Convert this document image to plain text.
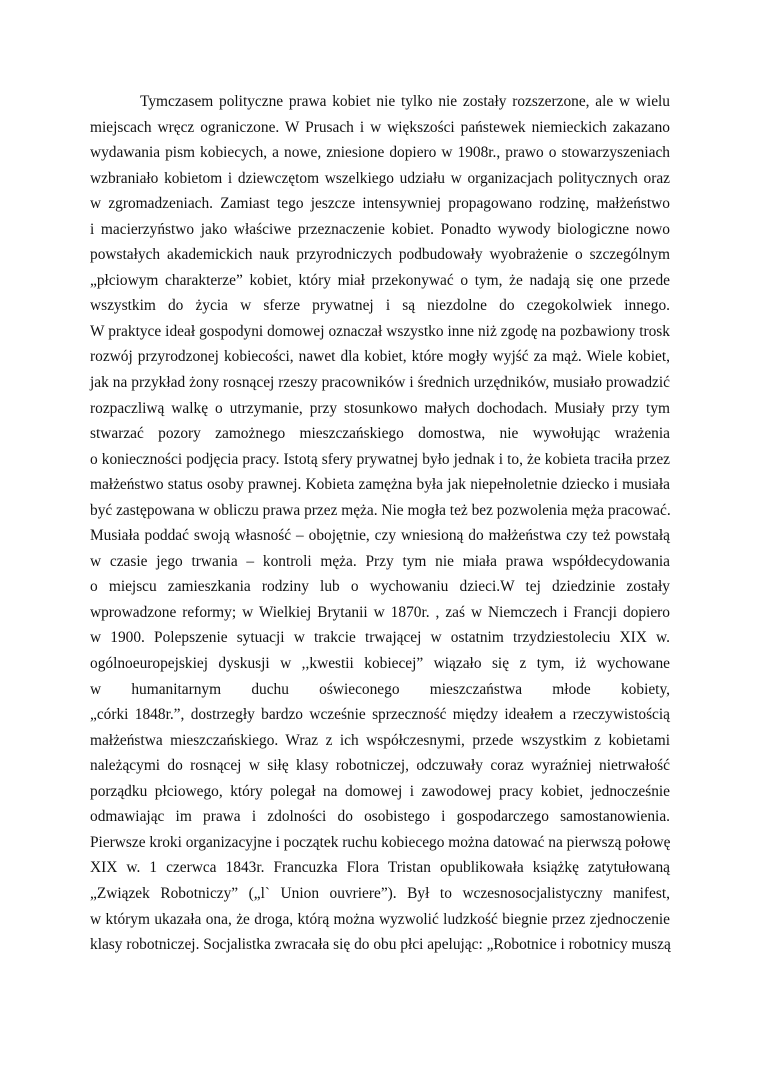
Tymczasem polityczne prawa kobiet nie tylko nie zostały rozszerzone, ale w wielu
miejscach wręcz ograniczone. W Prusach i w większości państewek niemieckich zakazano
wydawania pism kobiecych, a nowe, zniesione dopiero w 1908r., prawo o stowarzyszeniach
wzbraniało kobietom i dziewczętom wszelkiego udziału w organizacjach politycznych oraz
w zgromadzeniach. Zamiast tego jeszcze intensywniej propagowano rodzinę, małżeństwo
i macierzyństwo jako właściwe przeznaczenie kobiet. Ponadto wywody biologiczne nowo
powstałych akademickich nauk przyrodniczych podbudowały wyobrażenie o szczególnym
„płciowym charakterze” kobiet, który miał przekonywać o tym, że nadają się one przede
wszystkim do życia w sferze prywatnej i są niezdolne do czegokolwiek innego.
W praktyce ideał gospodyni domowej oznaczał wszystko inne niż zgodę na pozbawiony trosk
rozwój przyrodzonej kobiecości, nawet dla kobiet, które mogły wyjść za mąż. Wiele kobiet,
jak na przykład żony rosnącej rzeszy pracowników i średnich urzędników, musiało prowadzić
rozpaczliwą walkę o utrzymanie, przy stosunkowo małych dochodach. Musiały przy tym
stwarzać pozory zamożnego mieszczańskiego domostwa, nie wywołując wrażenia
o konieczności podjęcia pracy. Istotą sfery prywatnej było jednak i to, że kobieta traciła przez
małżeństwo status osoby prawnej. Kobieta zamężna była jak niepełnoletnie dziecko i musiała
być zastępowana w obliczu prawa przez męża. Nie mogła też bez pozwolenia męża pracować.
Musiała poddać swoją własność – obojętnie, czy wniesioną do małżeństwa czy też powstałą
w czasie jego trwania – kontroli męża. Przy tym nie miała prawa współdecydowania
o miejscu zamieszkania rodziny lub o wychowaniu dzieci.W tej dziedzinie zostały
wprowadzone reformy; w Wielkiej Brytanii w 1870r. , zaś w Niemczech i Francji dopiero
w 1900. Polepszenie sytuacji w trakcie trwającej w ostatnim trzydziestoleciu XIX w.
ogólnoeuropejskiej dyskusji w ,,kwestii kobiecej” wiązało się z tym, iż wychowane
w humanitarnym duchu oświeconego mieszczaństwa młode kobiety,
„córki 1848r.”, dostrzegły bardzo wcześnie sprzeczność między ideałem a rzeczywistością
małżeństwa mieszczańskiego. Wraz z ich współczesnymi, przede wszystkim z kobietami
należącymi do rosnącej w siłę klasy robotniczej, odczuwały coraz wyraźniej nietrwałość
porządku płciowego, który polegał na domowej i zawodowej pracy kobiet, jednocześnie
odmawiając im prawa i zdolności do osobistego i gospodarczego samostanowienia.
Pierwsze kroki organizacyjne i początek ruchu kobiecego można datować na pierwszą połowę
XIX w. 1 czerwca 1843r. Francuzka Flora Tristan opublikowała książkę zatytułowaną
„Związek Robotniczy” („l` Union ouvriere”). Był to wczesnosocjalistyczny manifest,
w którym ukazała ona, że droga, którą można wyzwolić ludzkość biegnie przez zjednoczenie
klasy robotniczej. Socjalistka zwracała się do obu płci apelując: „Robotnice i robotnicy muszą
